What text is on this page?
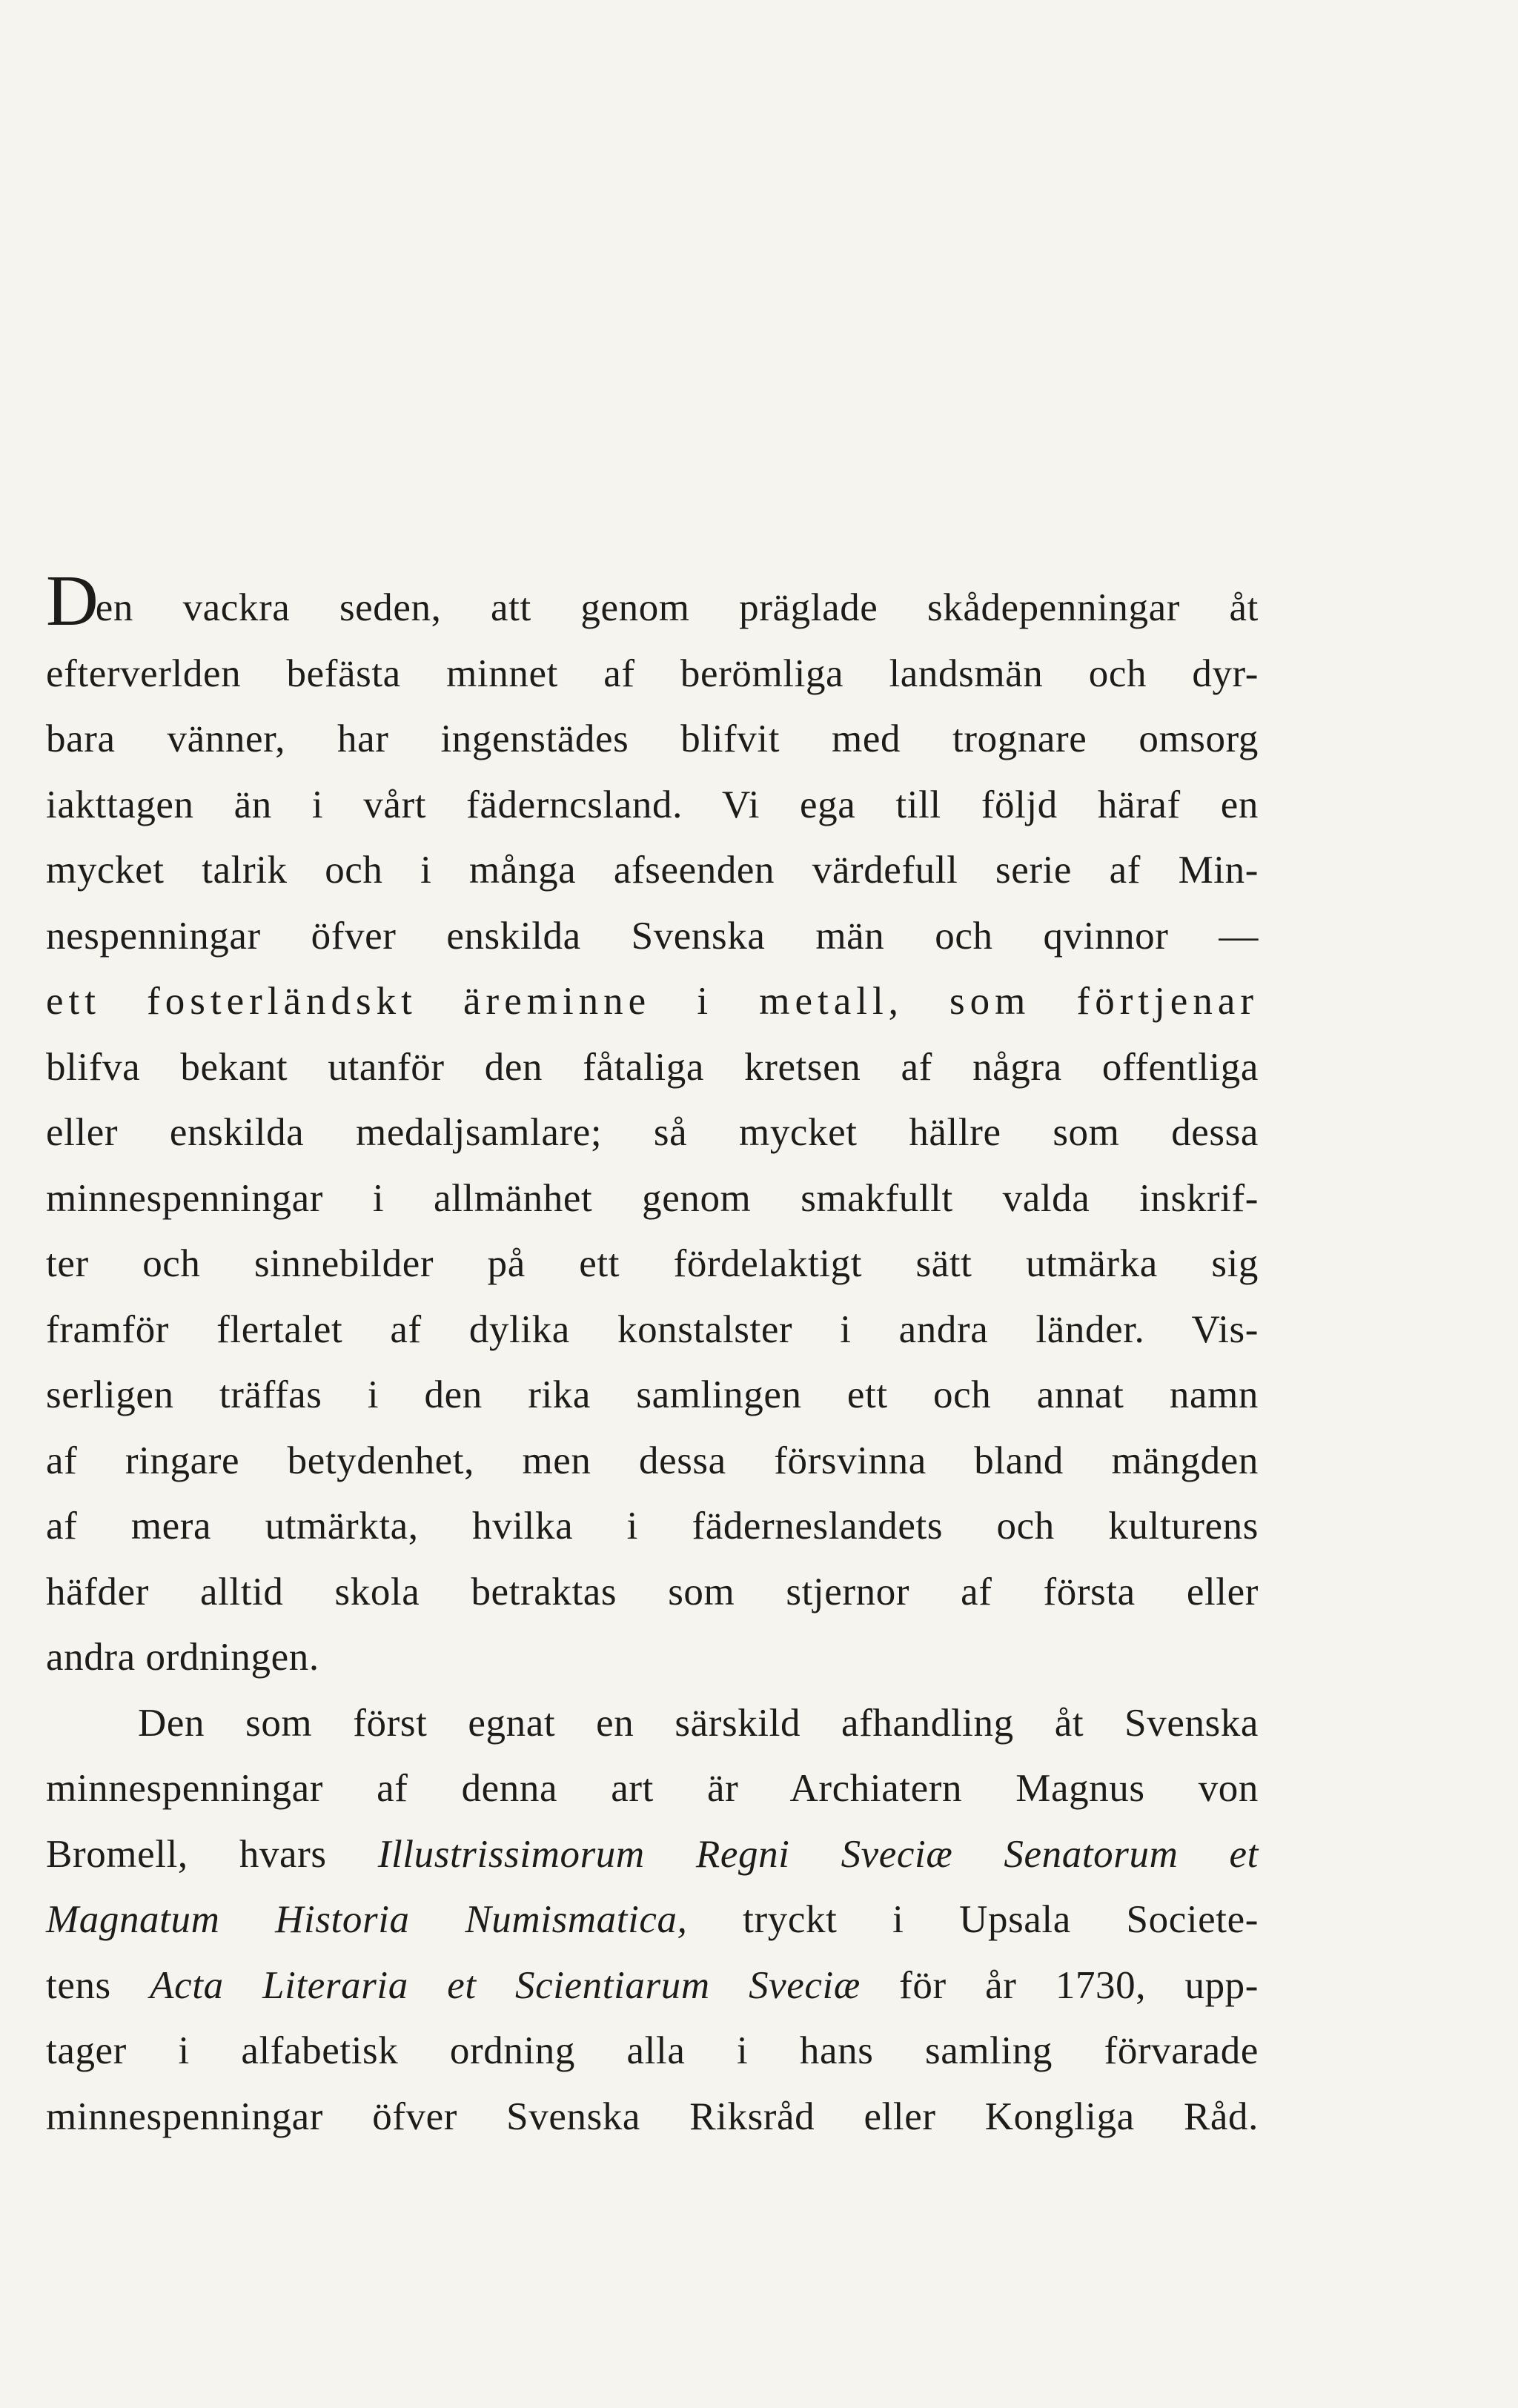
Den vackra seden, att genom präglade skådepenningar åt
efterverlden befästa minnet af berömliga landsmän och dyr-
bara vänner, har ingenstädes blifvit med trognare omsorg
iakttagen än i vårt fäderncsland. Vi ega till följd häraf en
mycket talrik och i många afseenden värdefull serie af Min-
nespenningar öfver enskilda Svenska män och qvinnor —
ett fosterländskt äreminne i metall, som förtjenar
blifva bekant utanför den fåtaliga kretsen af några offentliga
eller enskilda medaljsamlare; så mycket hällre som dessa
minnespenningar i allmänhet genom smakfullt valda inskrif-
ter och sinnebilder på ett fördelaktigt sätt utmärka sig
framför flertalet af dylika konstalster i andra länder. Vis-
serligen träffas i den rika samlingen ett och annat namn
af ringare betydenhet, men dessa försvinna bland mängden
af mera utmärkta, hvilka i fäderneslandets och kulturens
häfder alltid skola betraktas som stjernor af första eller
andra ordningen.
Den som först egnat en särskild afhandling åt Svenska
minnespenningar af denna art är Archiatern Magnus von
Bromell, hvars Illustrissimorum Regni Sveciæ Senatorum et
Magnatum Historia Numismatica, tryckt i Upsala Societe-
tens Acta Literaria et Scientiarum Sveciæ för år 1730, upp-
tager i alfabetisk ordning alla i hans samling förvarade
minnespenningar öfver Svenska Riksråd eller Kongliga Råd.
